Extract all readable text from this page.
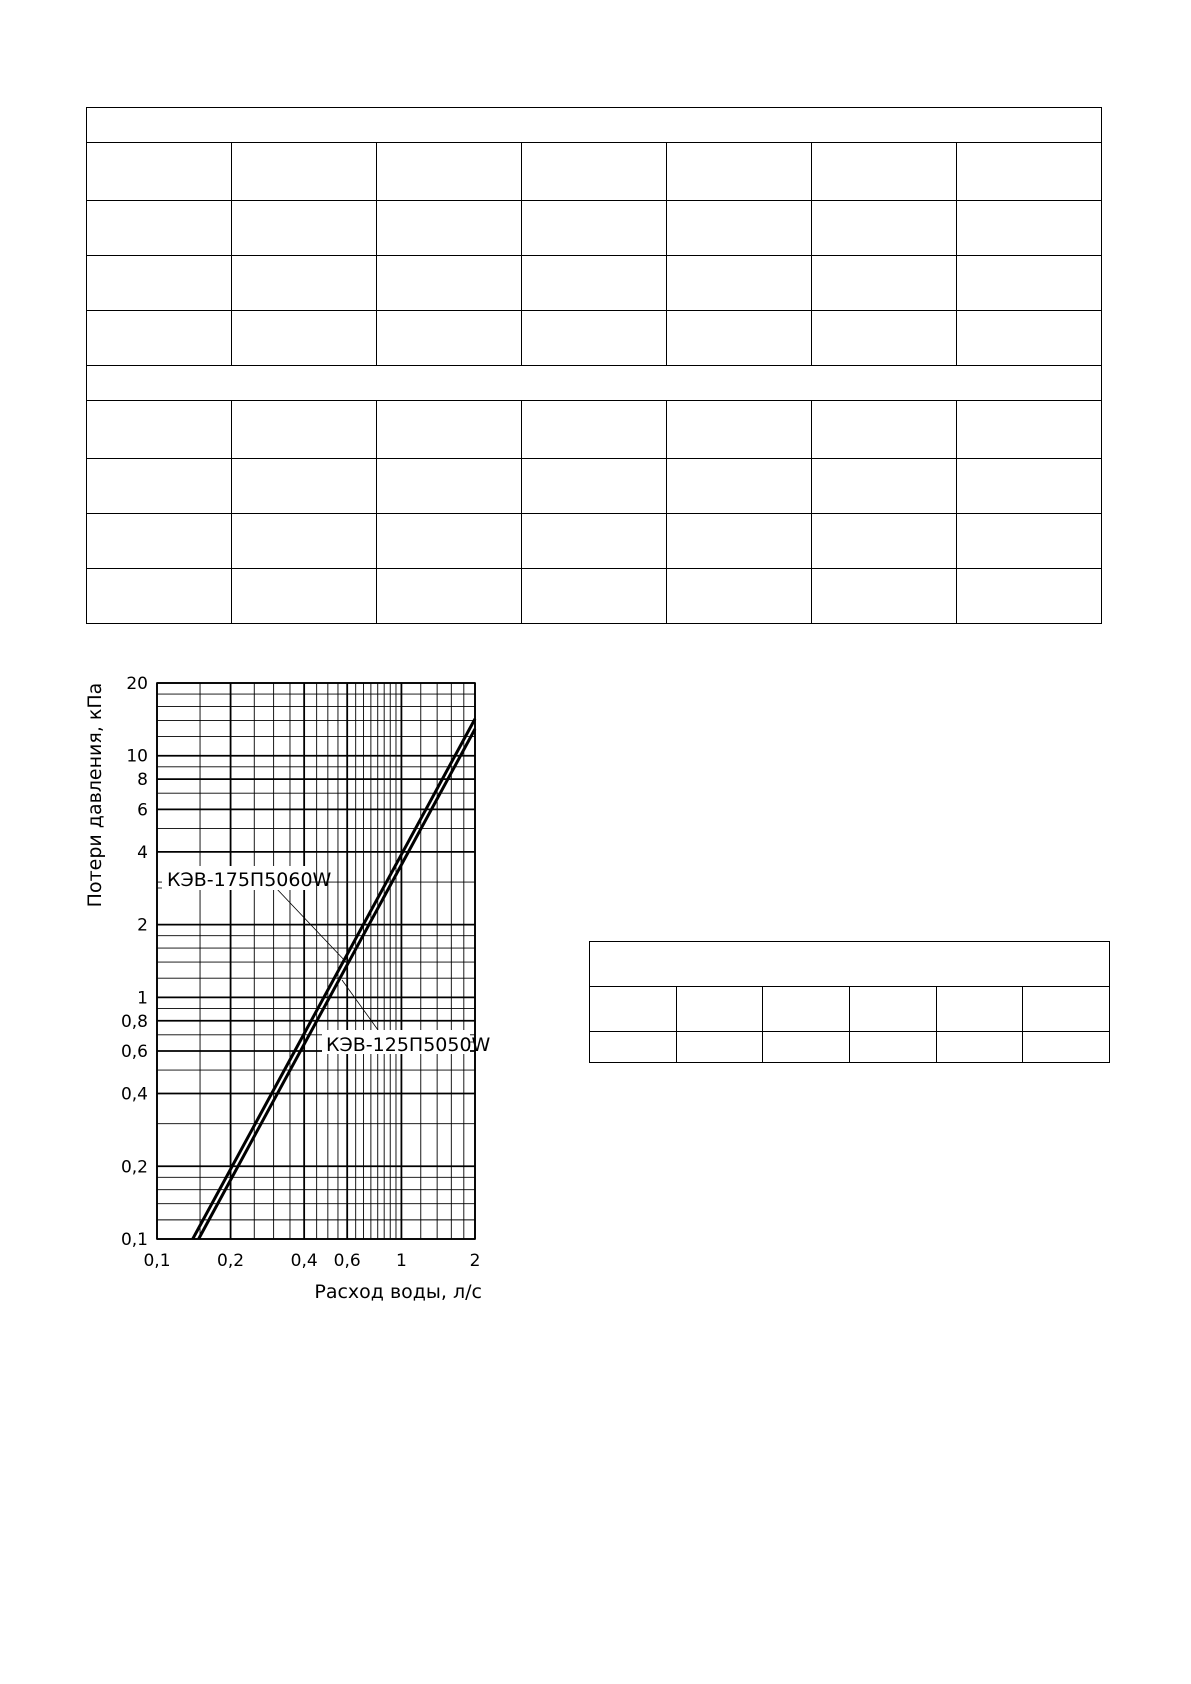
0,1	0,2	0,4 0,6 1	2
0,1
0,2
0,4
0,6
0,8
1
2
4
6
8
10
20
КЭВ-175П5060W
КЭВ-125П5050W
Потери давления, кПа
Расход воды, л/с
